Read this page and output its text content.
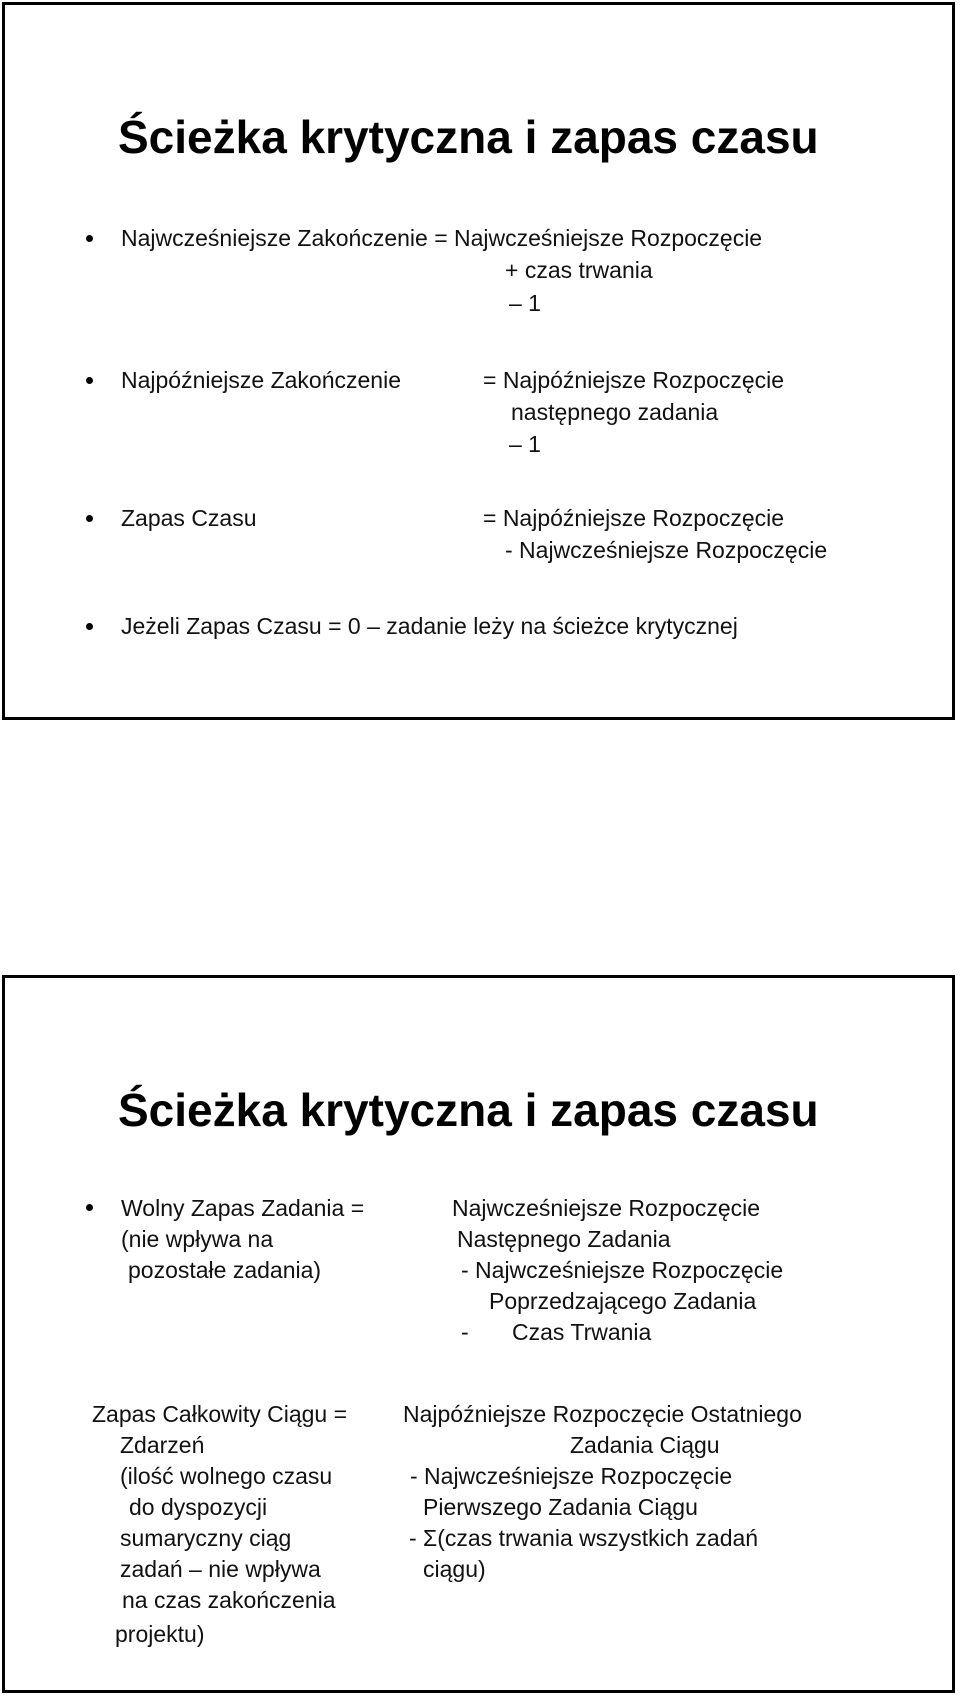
Ścieżka krytyczna i zapas czasu
Najwcześniejsze Zakończenie = Najwcześniejsze Rozpoczęcie
+ czas trwania
– 1
Najpóźniejsze Zakończenie	= Najpóźniejsze Rozpoczęcie
następnego zadania
– 1
Zapas Czasu	= Najpóźniejsze Rozpoczęcie
- Najwcześniejsze Rozpoczęcie
Jeżeli Zapas Czasu = 0 – zadanie leży na ścieżce krytycznej
Ścieżka krytyczna i zapas czasu
Wolny Zapas Zadania =
(nie wpływa na
pozostałe zadania)
Najwcześniejsze Rozpoczęcie
Następnego Zadania
- Najwcześniejsze Rozpoczęcie
Poprzedzającego Zadania
- Czas Trwania
Zapas Całkowity Ciągu =
Zdarzeń
(ilość wolnego czasu
do dyspozycji
sumaryczny ciąg
zadań – nie wpływa
na czas zakończenia
projektu)
Najpóźniejsze Rozpoczęcie Ostatniego
Zadania Ciągu
- Najwcześniejsze Rozpoczęcie
Pierwszego Zadania Ciągu
- Σ(czas trwania wszystkich zadań
ciągu)
